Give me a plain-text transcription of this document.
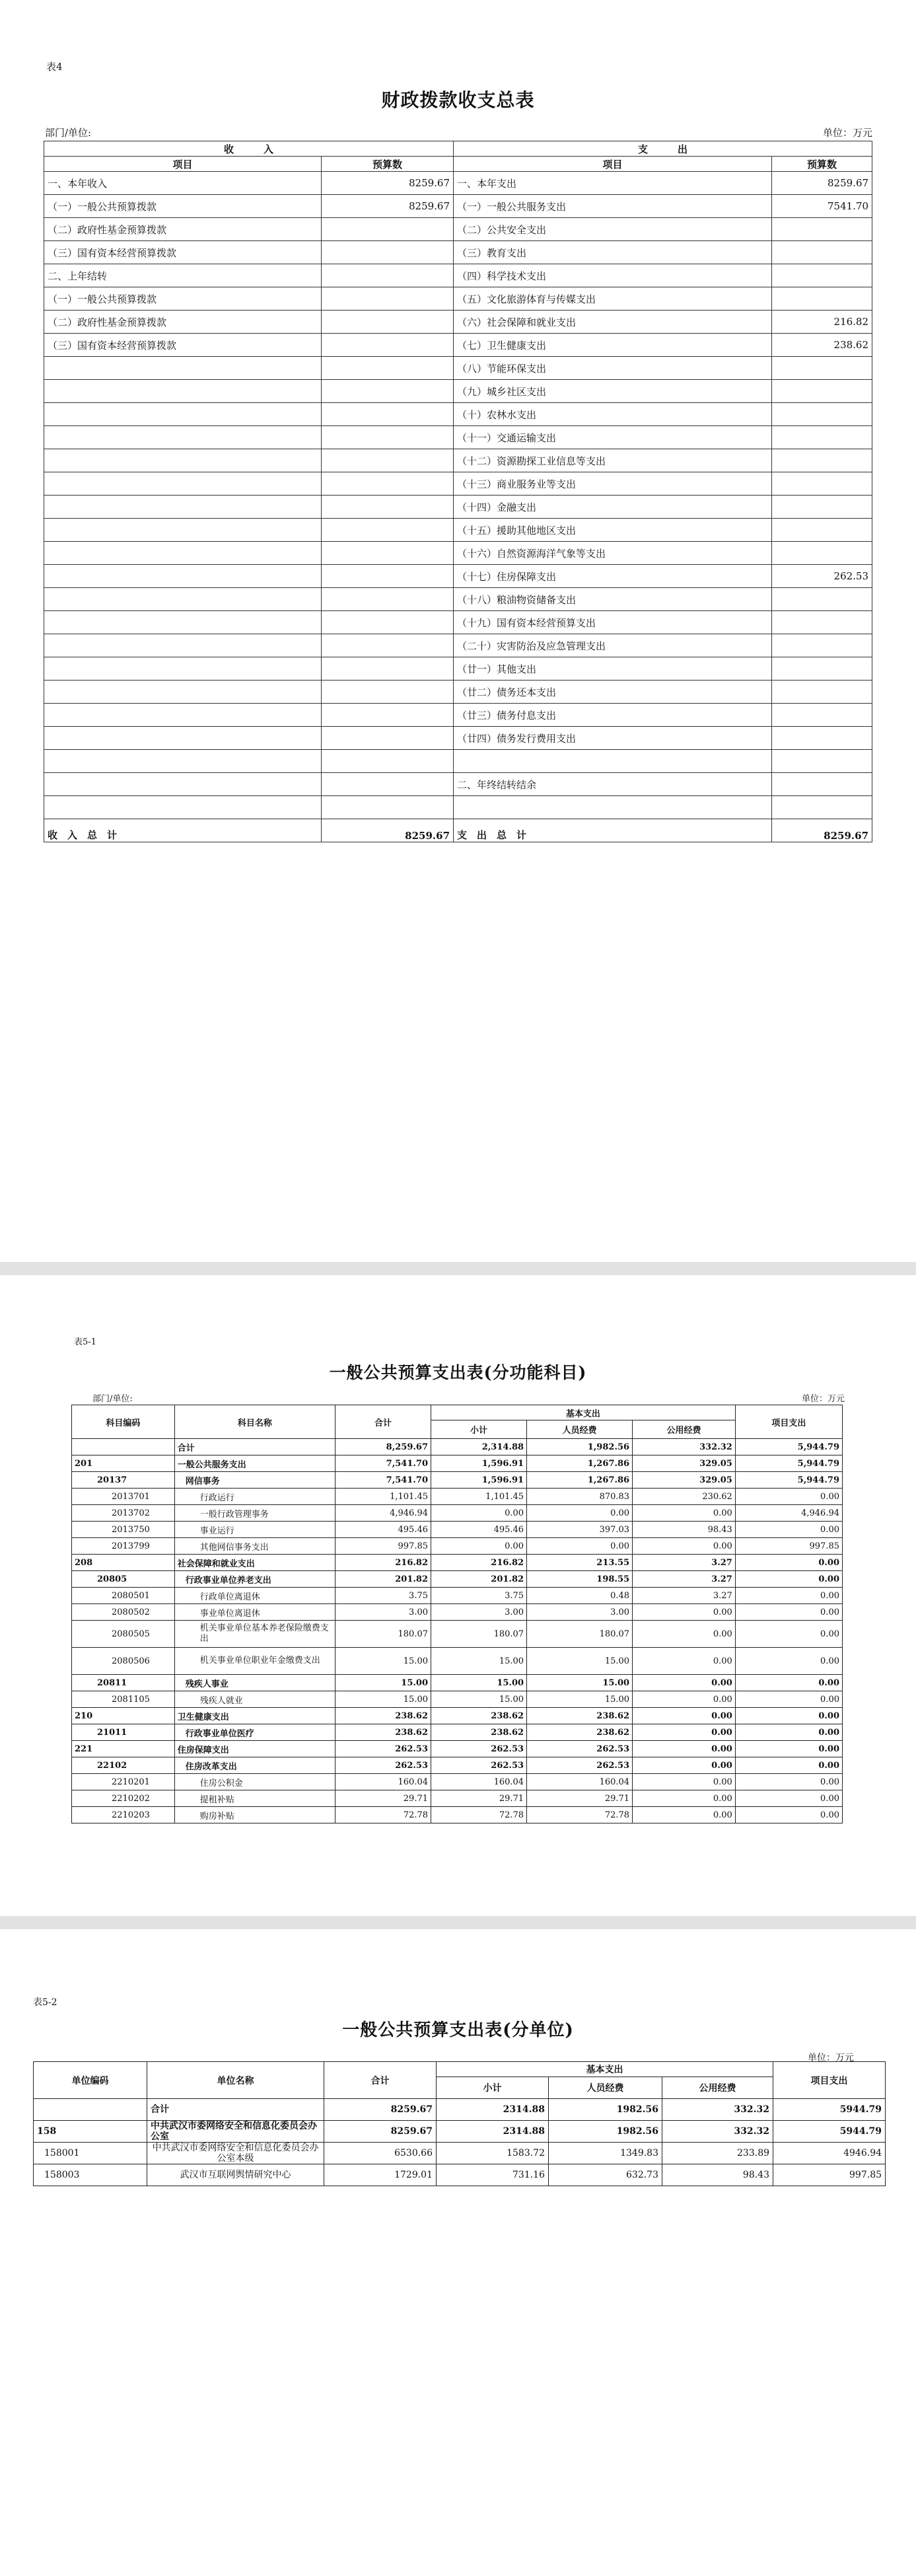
表4
财政拨款收支总表
部门/单位:	单位：万元
收　　　入		支　　　出	
项目	预算数	项目	预算数
一、本年收入	8259.67	一、本年支出	8259.67
（一）一般公共预算拨款	8259.67	（一）一般公共服务支出	7541.70
（二）政府性基金预算拨款		（二）公共安全支出	
（三）国有资本经营预算拨款		（三）教育支出	
二、上年结转		（四）科学技术支出	
（一）一般公共预算拨款		（五）文化旅游体育与传媒支出	
（二）政府性基金预算拨款		（六）社会保障和就业支出	216.82
（三）国有资本经营预算拨款		（七）卫生健康支出	238.62
		（八）节能环保支出	
		（九）城乡社区支出	
		（十）农林水支出	
		（十一）交通运输支出	
		（十二）资源勘探工业信息等支出	
		（十三）商业服务业等支出	
		（十四）金融支出	
		（十五）援助其他地区支出	
		（十六）自然资源海洋气象等支出	
		（十七）住房保障支出	262.53
		（十八）粮油物资储备支出	
		（十九）国有资本经营预算支出	
		（二十）灾害防治及应急管理支出	
		（廿一）其他支出	
		（廿二）债务还本支出	
		（廿三）债务付息支出	
		（廿四）债务发行费用支出	

		二、年终结转结余	

收　入　总　计	8259.67	支　出　总　计	8259.67
表5-1
一般公共预算支出表(分功能科目)
部门/单位:	单位：万元
科目编码	科目名称	合计	基本支出			项目支出
			小计	人员经费	公用经费	
	合计	8,259.67	2,314.88	1,982.56	332.32	5,944.79
201	一般公共服务支出	7,541.70	1,596.91	1,267.86	329.05	5,944.79
20137	网信事务	7,541.70	1,596.91	1,267.86	329.05	5,944.79
2013701	行政运行	1,101.45	1,101.45	870.83	230.62	0.00
2013702	一般行政管理事务	4,946.94	0.00	0.00	0.00	4,946.94
2013750	事业运行	495.46	495.46	397.03	98.43	0.00
2013799	其他网信事务支出	997.85	0.00	0.00	0.00	997.85
208	社会保障和就业支出	216.82	216.82	213.55	3.27	0.00
20805	行政事业单位养老支出	201.82	201.82	198.55	3.27	0.00
2080501	行政单位离退休	3.75	3.75	0.48	3.27	0.00
2080502	事业单位离退休	3.00	3.00	3.00	0.00	0.00
2080505	机关事业单位基本养老保险缴费支出	180.07	180.07	180.07	0.00	0.00
2080506	机关事业单位职业年金缴费支出	15.00	15.00	15.00	0.00	0.00
20811	残疾人事业	15.00	15.00	15.00	0.00	0.00
2081105	残疾人就业	15.00	15.00	15.00	0.00	0.00
210	卫生健康支出	238.62	238.62	238.62	0.00	0.00
21011	行政事业单位医疗	238.62	238.62	238.62	0.00	0.00
221	住房保障支出	262.53	262.53	262.53	0.00	0.00
22102	住房改革支出	262.53	262.53	262.53	0.00	0.00
2210201	住房公积金	160.04	160.04	160.04	0.00	0.00
2210202	提租补贴	29.71	29.71	29.71	0.00	0.00
2210203	购房补贴	72.78	72.78	72.78	0.00	0.00
表5-2
一般公共预算支出表(分单位)
单位：万元
单位编码	单位名称	合计	基本支出			项目支出
			小计	人员经费	公用经费	
	合计	8259.67	2314.88	1982.56	332.32	5944.79
158	中共武汉市委网络安全和信息化委员会办公室	8259.67	2314.88	1982.56	332.32	5944.79
158001	中共武汉市委网络安全和信息化委员会办公室本级	6530.66	1583.72	1349.83	233.89	4946.94
158003	武汉市互联网舆情研究中心	1729.01	731.16	632.73	98.43	997.85
